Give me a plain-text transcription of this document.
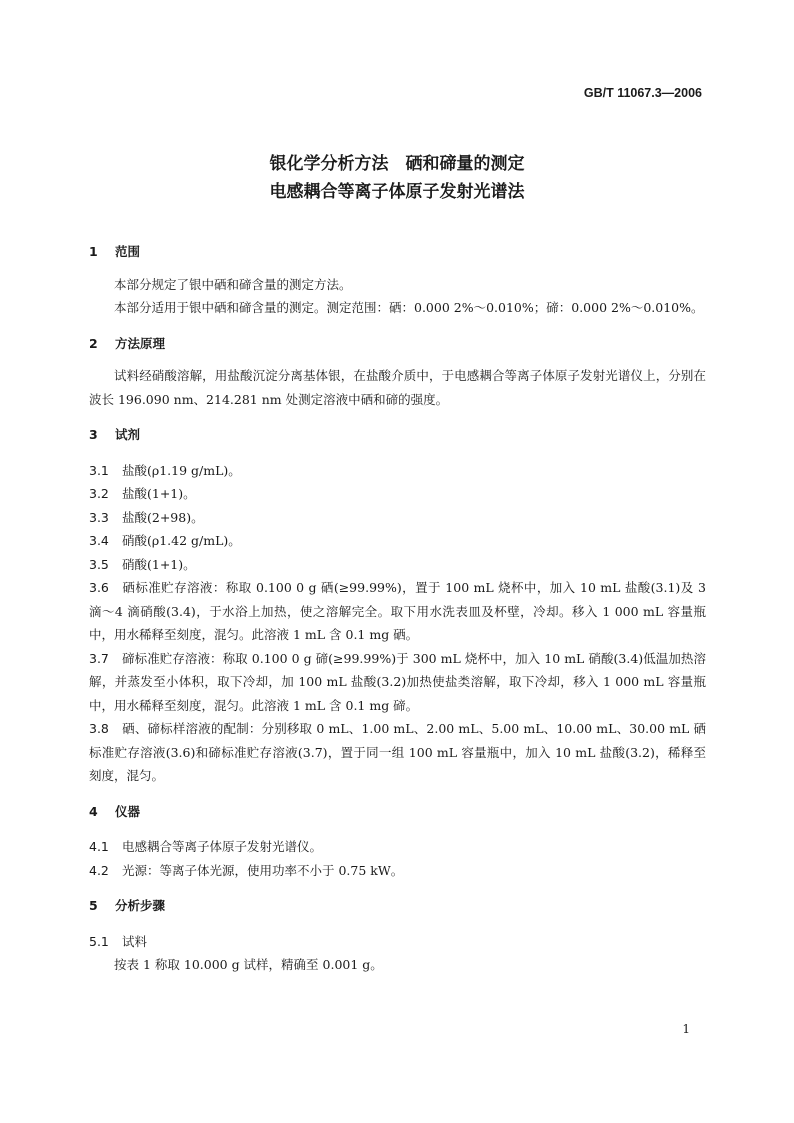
GB/T 11067.3—2006
银化学分析方法　硒和碲量的测定
电感耦合等离子体原子发射光谱法
1 范围

本部分规定了银中硒和碲含量的测定方法。

本部分适用于银中硒和碲含量的测定。测定范围：硒：0.000 2%～0.010%；碲：0.000 2%～0.010%。

2 方法原理

试料经硝酸溶解，用盐酸沉淀分离基体银，在盐酸介质中，于电感耦合等离子体原子发射光谱仪上，分别在波长 196.090 nm、214.281 nm 处测定溶液中硒和碲的强度。

3 试剂

3.1 盐酸(ρ1.19 g/mL)。

3.2 盐酸(1+1)。

3.3 盐酸(2+98)。

3.4 硝酸(ρ1.42 g/mL)。

3.5 硝酸(1+1)。

3.6 硒标准贮存溶液：称取 0.100 0 g 硒(≥99.99%)，置于 100 mL 烧杯中，加入 10 mL 盐酸(3.1)及 3 滴～4 滴硝酸(3.4)，于水浴上加热，使之溶解完全。取下用水洗表皿及杯壁，冷却。移入 1 000 mL 容量瓶中，用水稀释至刻度，混匀。此溶液 1 mL 含 0.1 mg 硒。

3.7 碲标准贮存溶液：称取 0.100 0 g 碲(≥99.99%)于 300 mL 烧杯中，加入 10 mL 硝酸(3.4)低温加热溶解，并蒸发至小体积，取下冷却，加 100 mL 盐酸(3.2)加热使盐类溶解，取下冷却，移入 1 000 mL 容量瓶中，用水稀释至刻度，混匀。此溶液 1 mL 含 0.1 mg 碲。

3.8 硒、碲标样溶液的配制：分别移取 0 mL、1.00 mL、2.00 mL、5.00 mL、10.00 mL、30.00 mL 硒标准贮存溶液(3.6)和碲标准贮存溶液(3.7)，置于同一组 100 mL 容量瓶中，加入 10 mL 盐酸(3.2)，稀释至刻度，混匀。

4 仪器

4.1 电感耦合等离子体原子发射光谱仪。

4.2 光源：等离子体光源，使用功率不小于 0.75 kW。

5 分析步骤

5.1 试料

按表 1 称取 10.000 g 试样，精确至 0.001 g。

1
